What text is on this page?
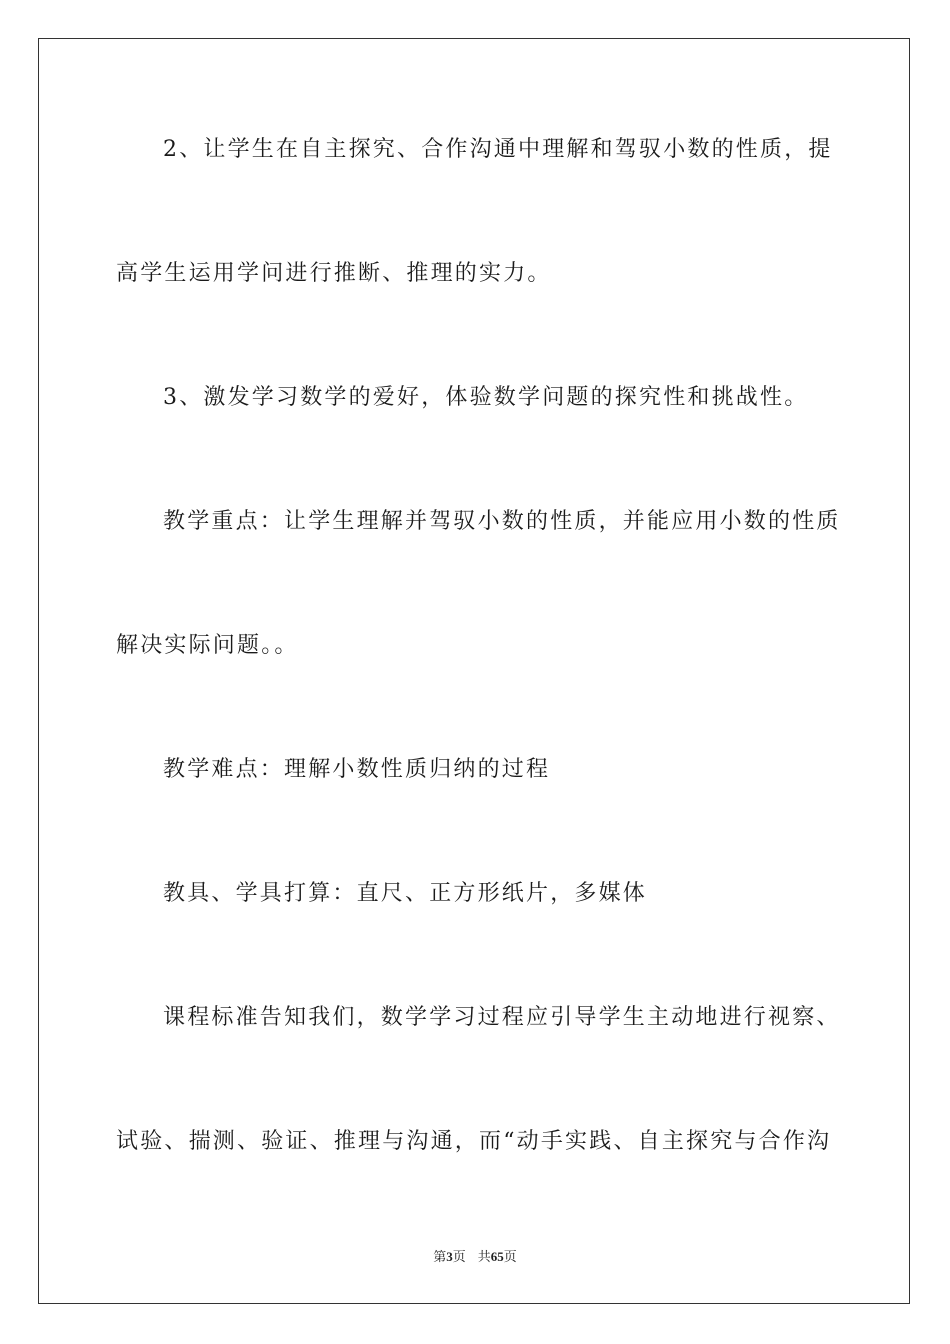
2、让学生在自主探究、合作沟通中理解和驾驭小数的性质，提
高学生运用学问进行推断、推理的实力。
3、激发学习数学的爱好，体验数学问题的探究性和挑战性。
教学重点：让学生理解并驾驭小数的性质，并能应用小数的性质
解决实际问题。。
教学难点：理解小数性质归纳的过程
教具、学具打算：直尺、正方形纸片，多媒体
课程标准告知我们，数学学习过程应引导学生主动地进行视察、
试验、揣测、验证、推理与沟通，而“动手实践、自主探究与合作沟
第3页 共65页
